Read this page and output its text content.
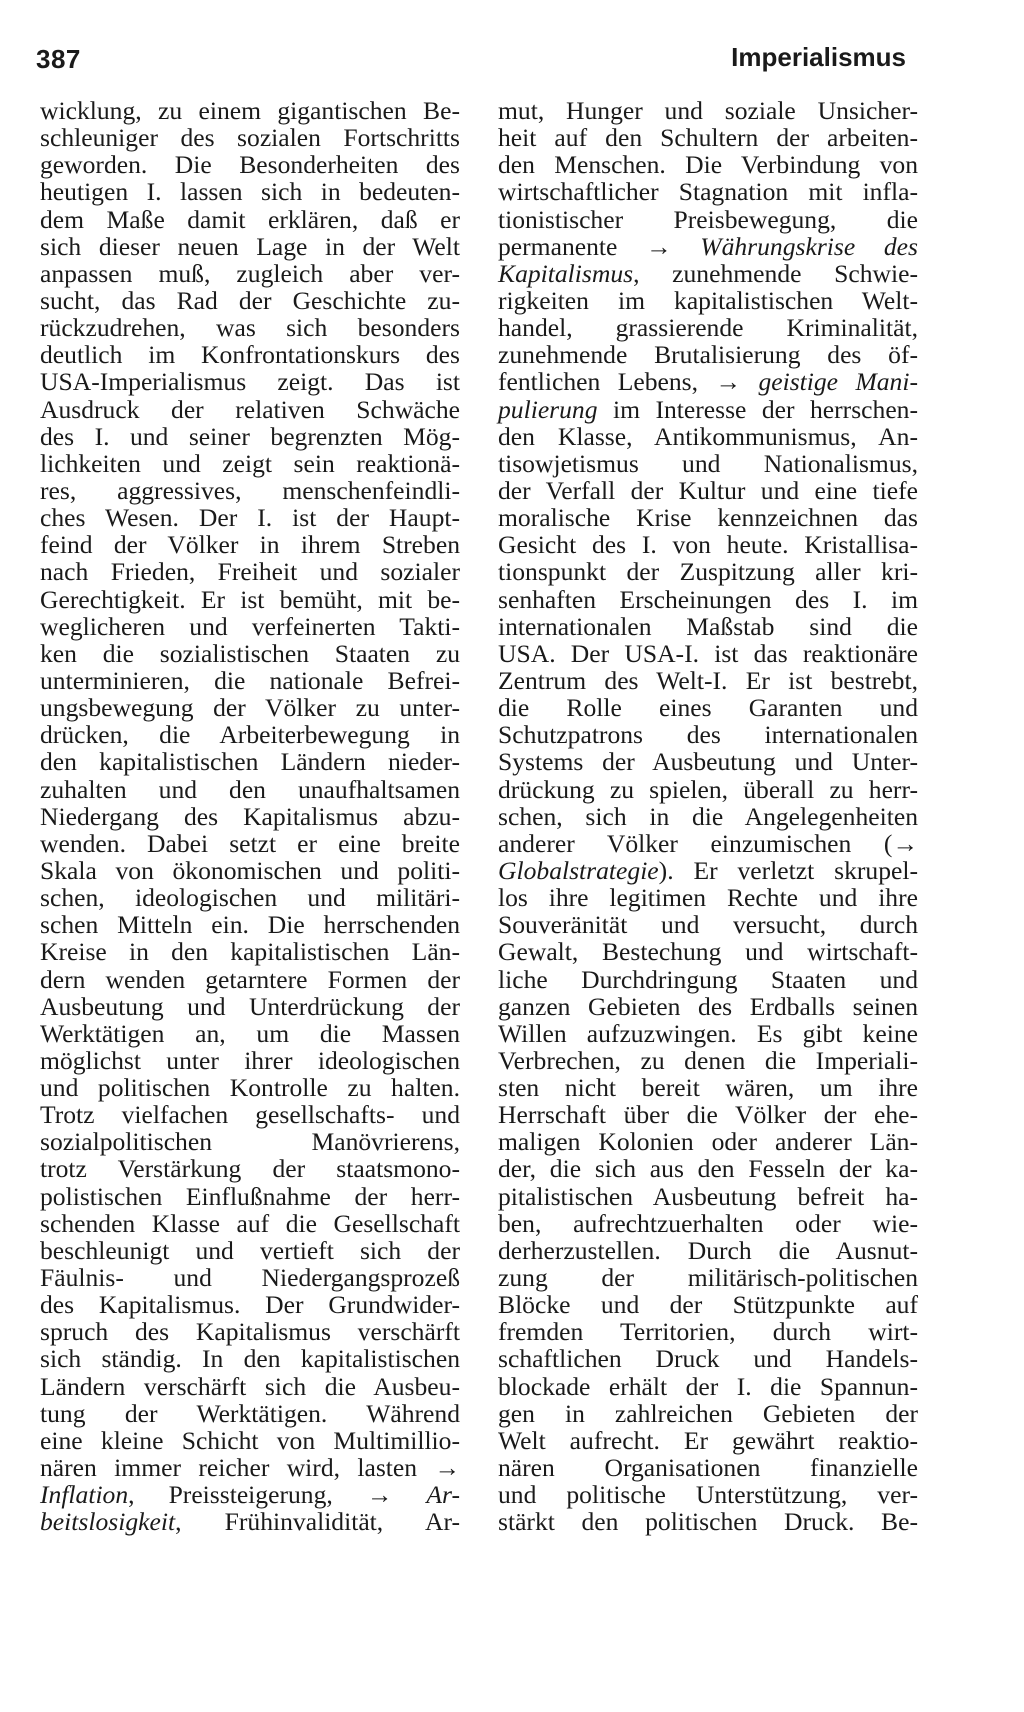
387	Imperialismus
wicklung, zu einem gigantischen Be-
schleuniger des sozialen Fortschritts
geworden. Die Besonderheiten des
heutigen I. lassen sich in bedeuten-
dem Maße damit erklären, daß er
sich dieser neuen Lage in der Welt
anpassen muß, zugleich aber ver-
sucht, das Rad der Geschichte zu-
rückzudrehen, was sich besonders
deutlich im Konfrontationskurs des
USA-Imperialismus zeigt. Das ist
Ausdruck der relativen Schwäche
des I. und seiner begrenzten Mög-
lichkeiten und zeigt sein reaktionä-
res, aggressives, menschenfeindli-
ches Wesen. Der I. ist der Haupt-
feind der Völker in ihrem Streben
nach Frieden, Freiheit und sozialer
Gerechtigkeit. Er ist bemüht, mit be-
weglicheren und verfeinerten Takti-
ken die sozialistischen Staaten zu
unterminieren, die nationale Befrei-
ungsbewegung der Völker zu unter-
drücken, die Arbeiterbewegung in
den kapitalistischen Ländern nieder-
zuhalten und den unaufhaltsamen
Niedergang des Kapitalismus abzu-
wenden. Dabei setzt er eine breite
Skala von ökonomischen und politi-
schen, ideologischen und militäri-
schen Mitteln ein. Die herrschenden
Kreise in den kapitalistischen Län-
dern wenden getarntere Formen der
Ausbeutung und Unterdrückung der
Werktätigen an, um die Massen
möglichst unter ihrer ideologischen
und politischen Kontrolle zu halten.
Trotz vielfachen gesellschafts- und
sozialpolitischen Manövrierens,
trotz Verstärkung der staatsmono-
polistischen Einflußnahme der herr-
schenden Klasse auf die Gesellschaft
beschleunigt und vertieft sich der
Fäulnis- und Niedergangsprozeß
des Kapitalismus. Der Grundwider-
spruch des Kapitalismus verschärft
sich ständig. In den kapitalistischen
Ländern verschärft sich die Ausbeu-
tung der Werktätigen. Während
eine kleine Schicht von Multimillio-
nären immer reicher wird, lasten →
Inflation, Preissteigerung, → Ar-
beitslosigkeit, Frühinvalidität, Ar-
mut, Hunger und soziale Unsicher-
heit auf den Schultern der arbeiten-
den Menschen. Die Verbindung von
wirtschaftlicher Stagnation mit infla-
tionistischer Preisbewegung, die
permanente → Währungskrise des
Kapitalismus, zunehmende Schwie-
rigkeiten im kapitalistischen Welt-
handel, grassierende Kriminalität,
zunehmende Brutalisierung des öf-
fentlichen Lebens, → geistige Mani-
pulierung im Interesse der herrschen-
den Klasse, Antikommunismus, An-
tisowjetismus und Nationalismus,
der Verfall der Kultur und eine tiefe
moralische Krise kennzeichnen das
Gesicht des I. von heute. Kristallisa-
tionspunkt der Zuspitzung aller kri-
senhaften Erscheinungen des I. im
internationalen Maßstab sind die
USA. Der USA-I. ist das reaktionäre
Zentrum des Welt-I. Er ist bestrebt,
die Rolle eines Garanten und
Schutzpatrons des internationalen
Systems der Ausbeutung und Unter-
drückung zu spielen, überall zu herr-
schen, sich in die Angelegenheiten
anderer Völker einzumischen (→
Globalstrategie). Er verletzt skrupel-
los ihre legitimen Rechte und ihre
Souveränität und versucht, durch
Gewalt, Bestechung und wirtschaft-
liche Durchdringung Staaten und
ganzen Gebieten des Erdballs seinen
Willen aufzuzwingen. Es gibt keine
Verbrechen, zu denen die Imperiali-
sten nicht bereit wären, um ihre
Herrschaft über die Völker der ehe-
maligen Kolonien oder anderer Län-
der, die sich aus den Fesseln der ka-
pitalistischen Ausbeutung befreit ha-
ben, aufrechtzuerhalten oder wie-
derherzustellen. Durch die Ausnut-
zung der militärisch-politischen
Blöcke und der Stützpunkte auf
fremden Territorien, durch wirt-
schaftlichen Druck und Handels-
blockade erhält der I. die Spannun-
gen in zahlreichen Gebieten der
Welt aufrecht. Er gewährt reaktio-
nären Organisationen finanzielle
und politische Unterstützung, ver-
stärkt den politischen Druck. Be-
